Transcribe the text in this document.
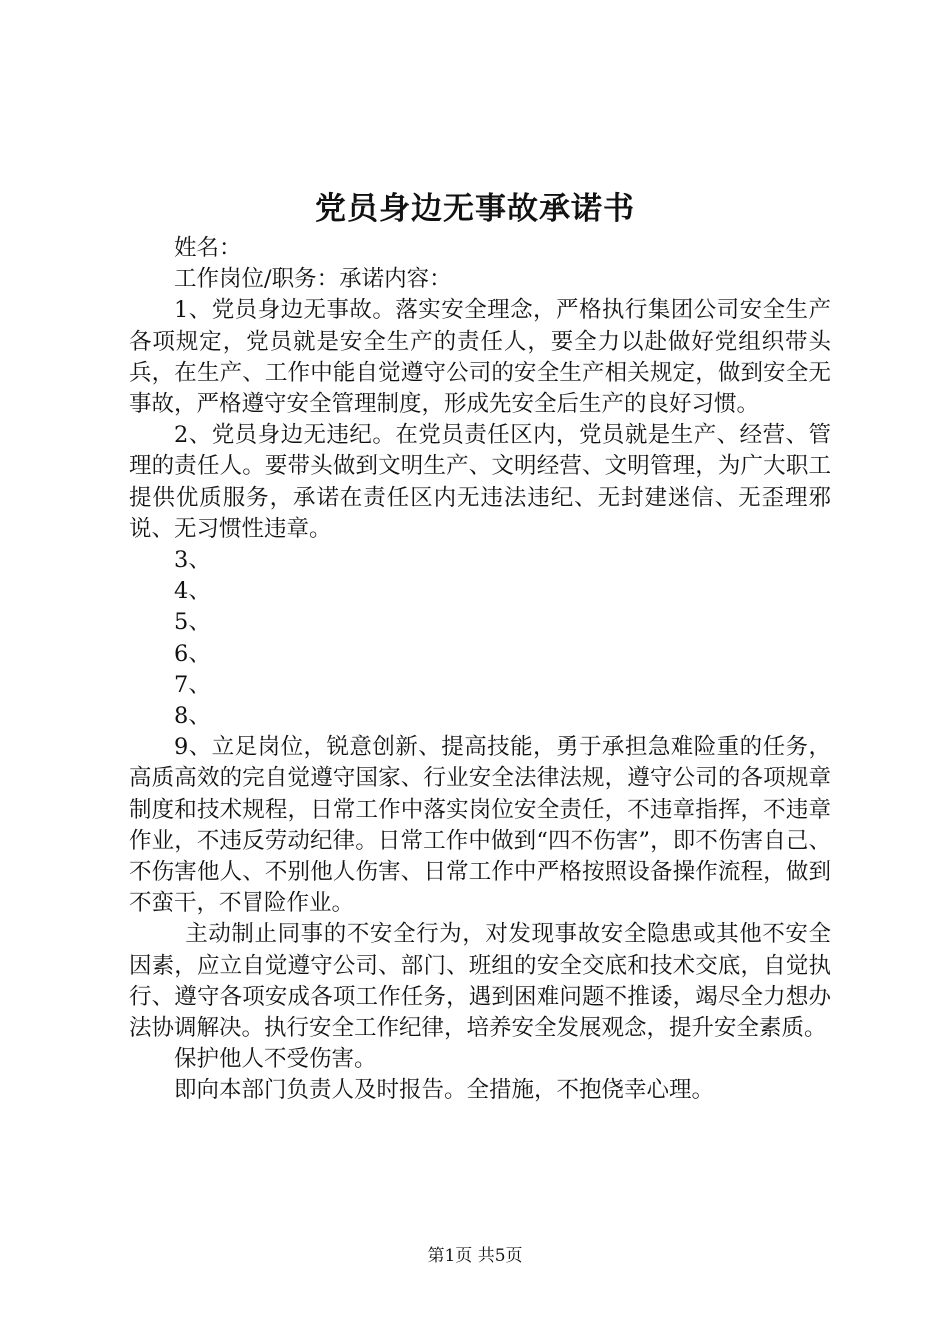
党员身边无事故承诺书

姓名：

工作岗位/职务：承诺内容：

1、党员身边无事故。落实安全理念，严格执行集团公司安全生产各项规定，党员就是安全生产的责任人，要全力以赴做好党组织带头兵，在生产、工作中能自觉遵守公司的安全生产相关规定，做到安全无事故，严格遵守安全管理制度，形成先安全后生产的良好习惯。

2、党员身边无违纪。在党员责任区内，党员就是生产、经营、管理的责任人。要带头做到文明生产、文明经营、文明管理，为广大职工提供优质服务，承诺在责任区内无违法违纪、无封建迷信、无歪理邪说、无习惯性违章。

3、

4、

5、

6、

7、

8、

9、立足岗位，锐意创新、提高技能，勇于承担急难险重的任务，高质高效的完自觉遵守国家、行业安全法律法规，遵守公司的各项规章制度和技术规程，日常工作中落实岗位安全责任，不违章指挥，不违章作业，不违反劳动纪律。日常工作中做到“四不伤害”，即不伤害自己、不伤害他人、不别他人伤害、日常工作中严格按照设备操作流程，做到不蛮干，不冒险作业。

主动制止同事的不安全行为，对发现事故安全隐患或其他不安全因素，应立自觉遵守公司、部门、班组的安全交底和技术交底，自觉执行、遵守各项安成各项工作任务，遇到困难问题不推诿，竭尽全力想办法协调解决。执行安全工作纪律，培养安全发展观念，提升安全素质。

保护他人不受伤害。

即向本部门负责人及时报告。全措施，不抱侥幸心理。

第1页 共5页
